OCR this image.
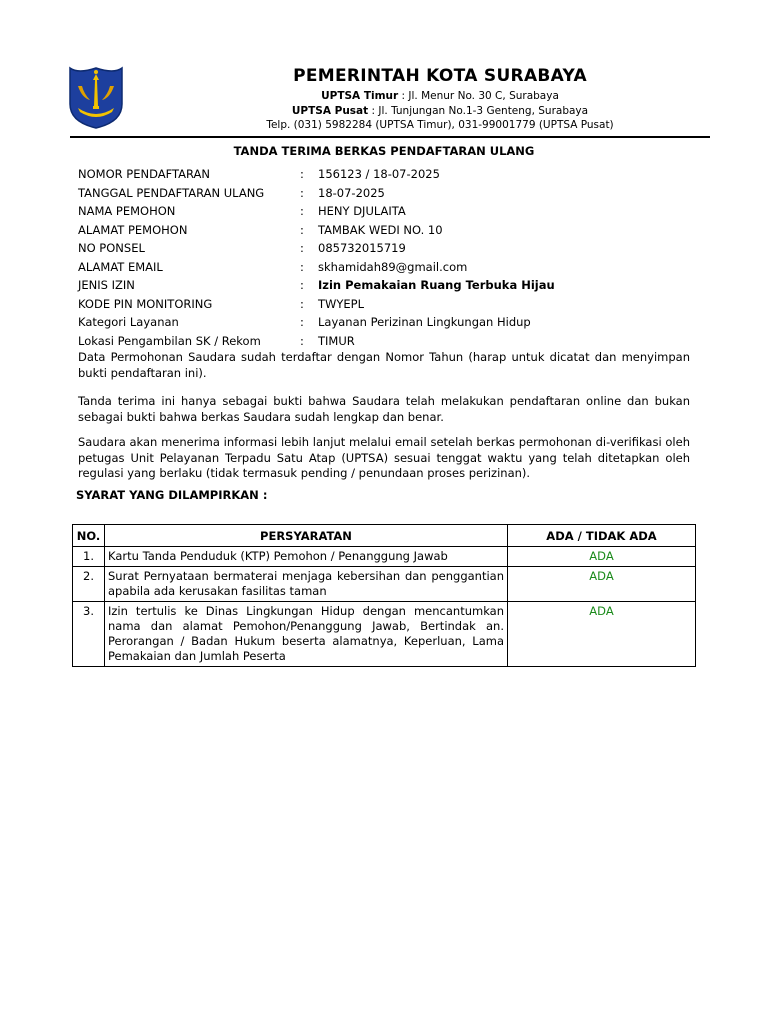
PEMERINTAH KOTA SURABAYA
UPTSA Timur : Jl. Menur No. 30 C, Surabaya
UPTSA Pusat : Jl. Tunjungan No.1-3 Genteng, Surabaya
Telp. (031) 5982284 (UPTSA Timur), 031-99001779 (UPTSA Pusat)
TANDA TERIMA BERKAS PENDAFTARAN ULANG
NOMOR PENDAFTARAN	:	156123 / 18-07-2025
TANGGAL PENDAFTARAN ULANG	:	18-07-2025
NAMA PEMOHON	:	HENY DJULAITA
ALAMAT PEMOHON	:	TAMBAK WEDI NO. 10
NO PONSEL	:	085732015719
ALAMAT EMAIL	:	skhamidah89@gmail.com
JENIS IZIN	:	Izin Pemakaian Ruang Terbuka Hijau
KODE PIN MONITORING	:	TWYEPL
Kategori Layanan	:	Layanan Perizinan Lingkungan Hidup
Lokasi Pengambilan SK / Rekom	:	TIMUR

Data Permohonan Saudara sudah terdaftar dengan Nomor Tahun (harap untuk dicatat dan menyimpan bukti pendaftaran ini).

Tanda terima ini hanya sebagai bukti bahwa Saudara telah melakukan pendaftaran online dan bukan sebagai bukti bahwa berkas Saudara sudah lengkap dan benar.

Saudara akan menerima informasi lebih lanjut melalui email setelah berkas permohonan di-verifikasi oleh petugas Unit Pelayanan Terpadu Satu Atap (UPTSA) sesuai tenggat waktu yang telah ditetapkan oleh regulasi yang berlaku (tidak termasuk pending / penundaan proses perizinan).

SYARAT YANG DILAMPIRKAN :
NO.	PERSYARATAN	ADA / TIDAK ADA
1.	Kartu Tanda Penduduk (KTP) Pemohon / Penanggung Jawab	ADA
2.	Surat Pernyataan bermaterai menjaga kebersihan dan penggantian apabila ada kerusakan fasilitas taman	ADA
3.	Izin tertulis ke Dinas Lingkungan Hidup dengan mencantumkan nama dan alamat Pemohon/Penanggung Jawab, Bertindak an. Perorangan / Badan Hukum beserta alamatnya, Keperluan, Lama Pemakaian dan Jumlah Peserta	ADA
